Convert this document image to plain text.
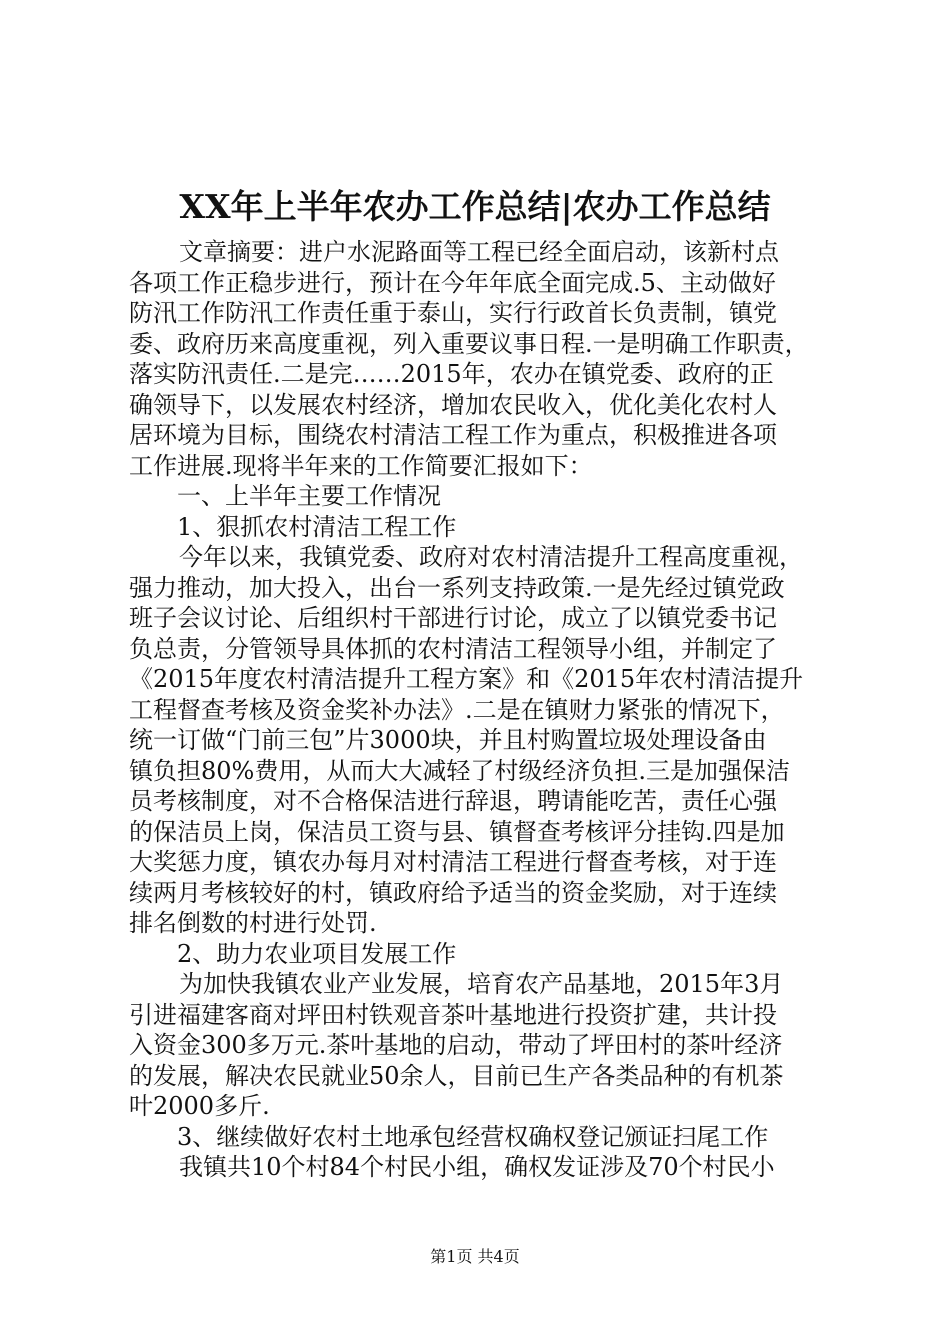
XX年上半年农办工作总结|农办工作总结
文章摘要：进户水泥路面等工程已经全面启动，该新村点
各项工作正稳步进行，预计在今年年底全面完成.5、主动做好
防汛工作防汛工作责任重于泰山，实行行政首长负责制，镇党
委、政府历来高度重视，列入重要议事日程.一是明确工作职责，
落实防汛责任.二是完……2015年，农办在镇党委、政府的正
确领导下，以发展农村经济，增加农民收入，优化美化农村人
居环境为目标，围绕农村清洁工程工作为重点，积极推进各项
工作进展.现将半年来的工作简要汇报如下：
一、上半年主要工作情况
1、狠抓农村清洁工程工作
今年以来，我镇党委、政府对农村清洁提升工程高度重视，
强力推动，加大投入，出台一系列支持政策.一是先经过镇党政
班子会议讨论、后组织村干部进行讨论，成立了以镇党委书记
负总责，分管领导具体抓的农村清洁工程领导小组，并制定了
《2015年度农村清洁提升工程方案》和《2015年农村清洁提升
工程督查考核及资金奖补办法》.二是在镇财力紧张的情况下，
统一订做“门前三包”片3000块，并且村购置垃圾处理设备由
镇负担80%费用，从而大大减轻了村级经济负担.三是加强保洁
员考核制度，对不合格保洁进行辞退，聘请能吃苦，责任心强
的保洁员上岗，保洁员工资与县、镇督查考核评分挂钩.四是加
大奖惩力度，镇农办每月对村清洁工程进行督查考核，对于连
续两月考核较好的村，镇政府给予适当的资金奖励，对于连续
排名倒数的村进行处罚.
2、助力农业项目发展工作
为加快我镇农业产业发展，培育农产品基地，2015年3月
引进福建客商对坪田村铁观音茶叶基地进行投资扩建，共计投
入资金300多万元.茶叶基地的启动，带动了坪田村的茶叶经济
的发展，解决农民就业50余人，目前已生产各类品种的有机茶
叶2000多斤.
3、继续做好农村土地承包经营权确权登记颁证扫尾工作
我镇共10个村84个村民小组，确权发证涉及70个村民小
第1页 共4页
